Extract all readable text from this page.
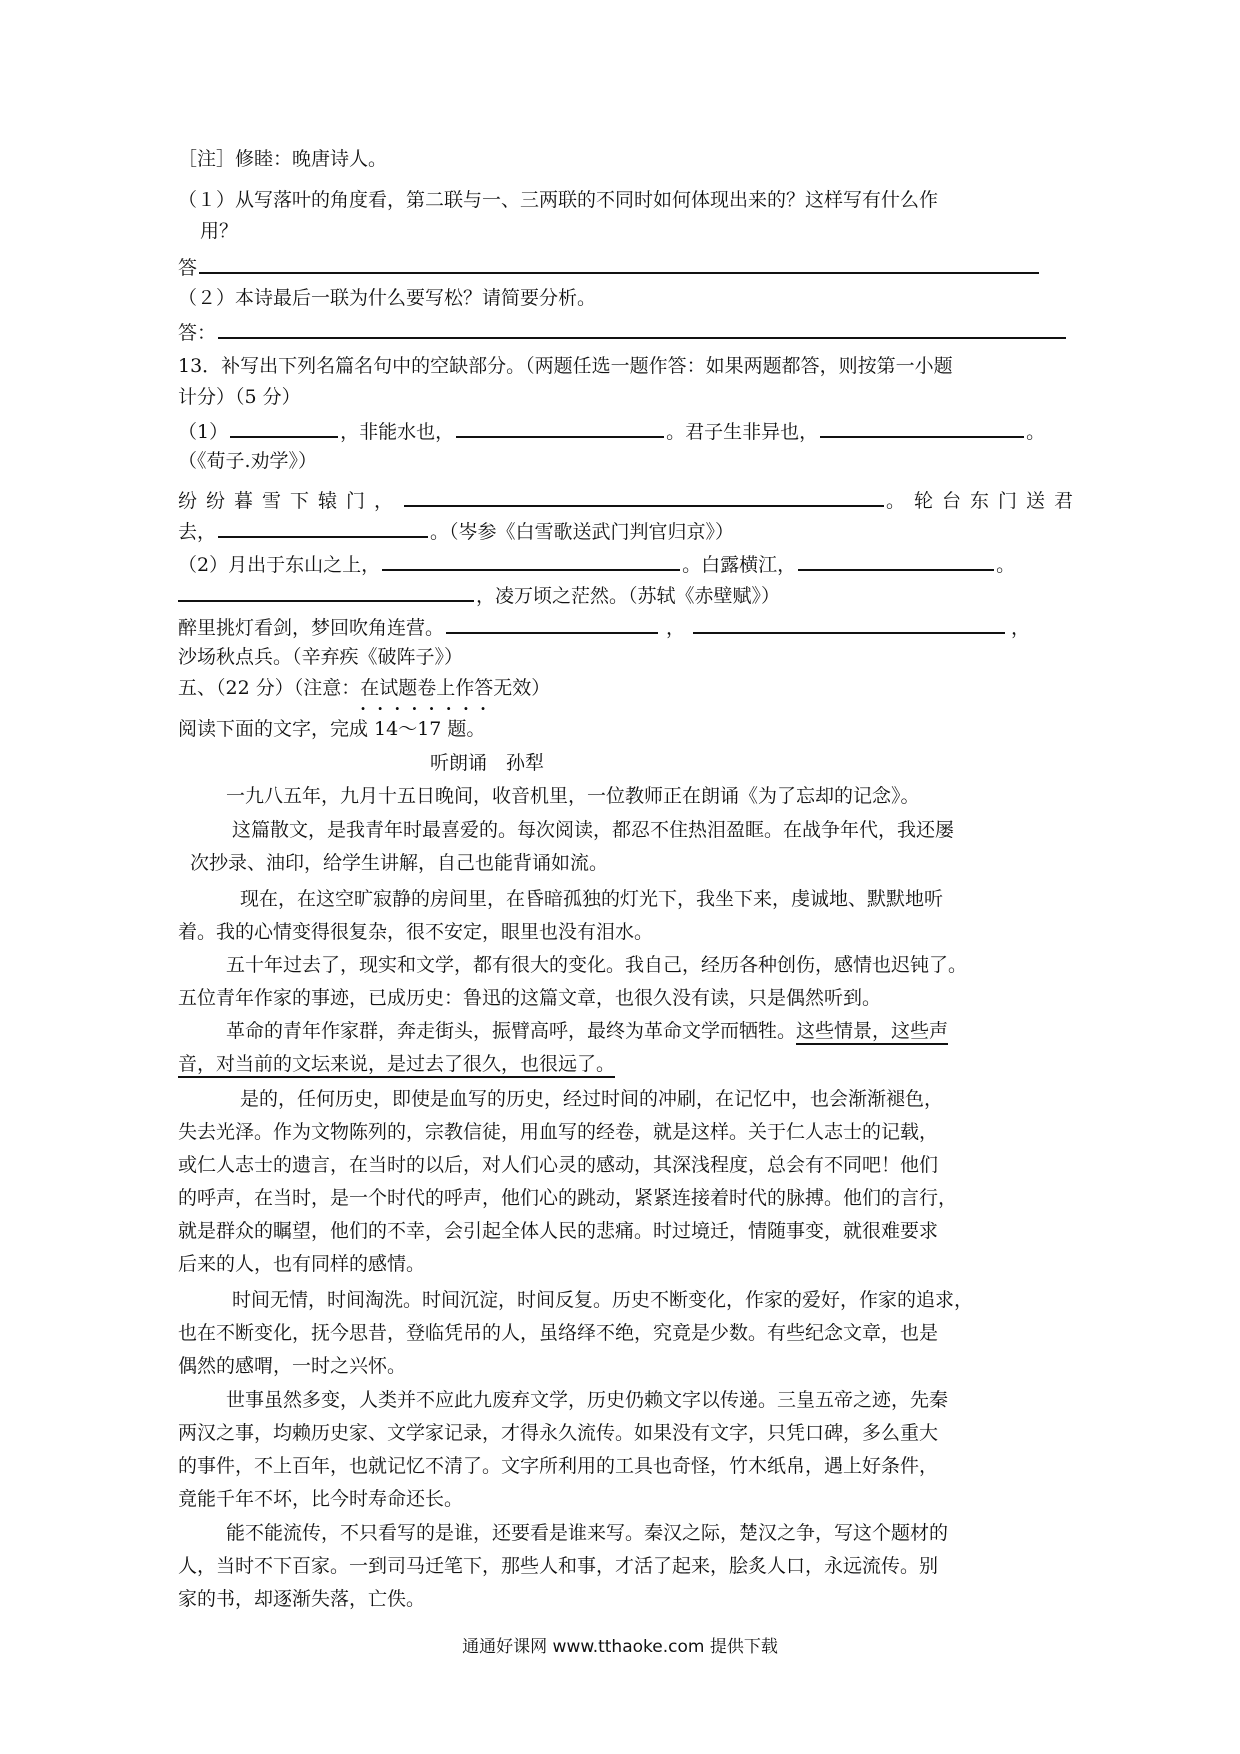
［注］修睦：晚唐诗人。
（１）从写落叶的角度看，第二联与一、三两联的不同时如何体现出来的？这样写有什么作
用？
答
（２）本诗最后一联为什么要写松？请简要分析。
答：
13．补写出下列名篇名句中的空缺部分。（两题任选一题作答：如果两题都答，则按第一小题
计分）（5 分）
（1）	，非能水也，	。君子生非异也，	。
（《荀子.劝学》）
纷纷暮雪下辕门，	。轮台东门送君
去，	。（岑参《白雪歌送武门判官归京》）
（2）月出于东山之上，	。白露横江，	。
，凌万顷之茫然。（苏轼《赤壁赋》）
醉里挑灯看剑，梦回吹角连营。	，	，
沙场秋点兵。（辛弃疾《破阵子》）
五、（22 分）（注意：在试题卷上作答无效 · · ·）
阅读下面的文字，完成 14～17 题。
听朗诵　孙犁
一九八五年，九月十五日晚间，收音机里，一位教师正在朗诵《为了忘却的记念》。
这篇散文，是我青年时最喜爱的。每次阅读，都忍不住热泪盈眶。在战争年代，我还屡
次抄录、油印，给学生讲解，自己也能背诵如流。
现在，在这空旷寂静的房间里，在昏暗孤独的灯光下，我坐下来，虔诚地、默默地听
着。我的心情变得很复杂，很不安定，眼里也没有泪水。
五十年过去了，现实和文学，都有很大的变化。我自己，经历各种创伤，感情也迟钝了。
五位青年作家的事迹，已成历史：鲁迅的这篇文章，也很久没有读，只是偶然听到。
革命的青年作家群，奔走街头，振臂高呼，最终为革命文学而牺牲。这些情景，这些声
音，对当前的文坛来说，是过去了很久，也很远了。
是的，任何历史，即使是血写的历史，经过时间的冲刷，在记忆中，也会渐渐褪色，
失去光泽。作为文物陈列的，宗教信徒，用血写的经卷，就是这样。关于仁人志士的记载，
或仁人志士的遗言，在当时的以后，对人们心灵的感动，其深浅程度，总会有不同吧！他们
的呼声，在当时，是一个时代的呼声，他们心的跳动，紧紧连接着时代的脉搏。他们的言行，
就是群众的瞩望，他们的不幸，会引起全体人民的悲痛。时过境迁，情随事变，就很难要求
后来的人，也有同样的感情。
时间无情，时间淘洗。时间沉淀，时间反复。历史不断变化，作家的爱好，作家的追求，
也在不断变化，抚今思昔，登临凭吊的人，虽络绎不绝，究竟是少数。有些纪念文章，也是
偶然的感喟，一时之兴怀。
世事虽然多变，人类并不应此九废弃文学，历史仍赖文字以传递。三皇五帝之迹，先秦
两汉之事，均赖历史家、文学家记录，才得永久流传。如果没有文字，只凭口碑，多么重大
的事件，不上百年，也就记忆不清了。文字所利用的工具也奇怪，竹木纸帛，遇上好条件，
竟能千年不坏，比今时寿命还长。
能不能流传，不只看写的是谁，还要看是谁来写。秦汉之际，楚汉之争，写这个题材的
人，当时不下百家。一到司马迁笔下，那些人和事，才活了起来，脍炙人口，永远流传。别
家的书，却逐渐失落，亡佚。
通通好课网 www.tthaoke.com 提供下载
